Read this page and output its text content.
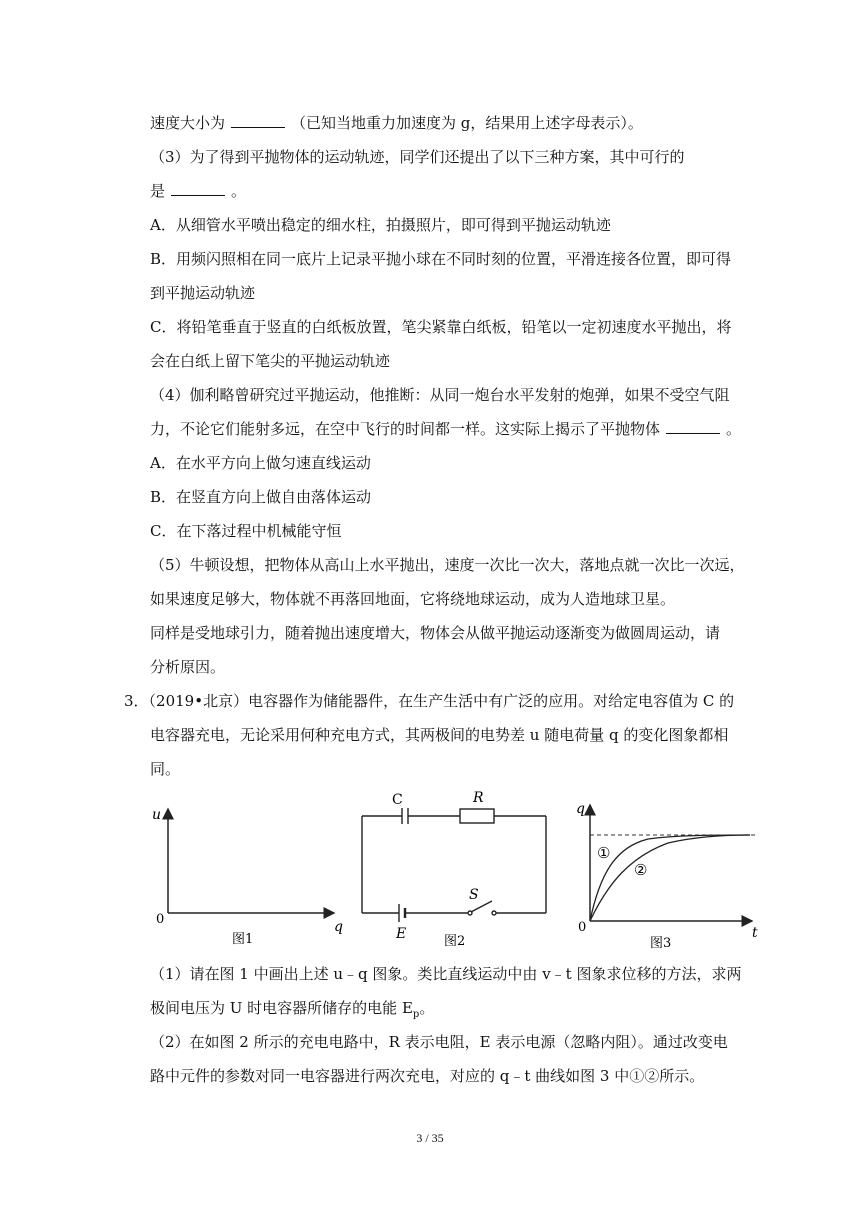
速度大小为	（已知当地重力加速度为 g，结果用上述字母表示）。
（3）为了得到平抛物体的运动轨迹，同学们还提出了以下三种方案，其中可行的
是	。
A．从细管水平喷出稳定的细水柱，拍摄照片，即可得到平抛运动轨迹
B．用频闪照相在同一底片上记录平抛小球在不同时刻的位置，平滑连接各位置，即可得
到平抛运动轨迹
C．将铅笔垂直于竖直的白纸板放置，笔尖紧靠白纸板，铅笔以一定初速度水平抛出，将
会在白纸上留下笔尖的平抛运动轨迹
（4）伽利略曾研究过平抛运动，他推断：从同一炮台水平发射的炮弹，如果不受空气阻
力，不论它们能射多远，在空中飞行的时间都一样。这实际上揭示了平抛物体	。
A．在水平方向上做匀速直线运动
B．在竖直方向上做自由落体运动
C．在下落过程中机械能守恒
（5）牛顿设想，把物体从高山上水平抛出，速度一次比一次大，落地点就一次比一次远，
如果速度足够大，物体就不再落回地面，它将绕地球运动，成为人造地球卫星。
同样是受地球引力，随着抛出速度增大，物体会从做平抛运动逐渐变为做圆周运动，请
分析原因。
3．（2019•北京）电容器作为储能器件，在生产生活中有广泛的应用。对给定电容值为 C 的
电容器充电，无论采用何种充电方式，其两极间的电势差 u 随电荷量 q 的变化图象都相
同。
u
q
0
图1
C	R
E
S
图2
q
t
0
①
②
图3
（1）请在图 1 中画出上述 u﹣q 图象。类比直线运动中由 v﹣t 图象求位移的方法，求两
极间电压为 U 时电容器所储存的电能 $E_p$。
（2）在如图 2 所示的充电电路中，R 表示电阻，E 表示电源（忽略内阻）。通过改变电
路中元件的参数对同一电容器进行两次充电，对应的 q﹣t 曲线如图 3 中①②所示。
3 / 35
